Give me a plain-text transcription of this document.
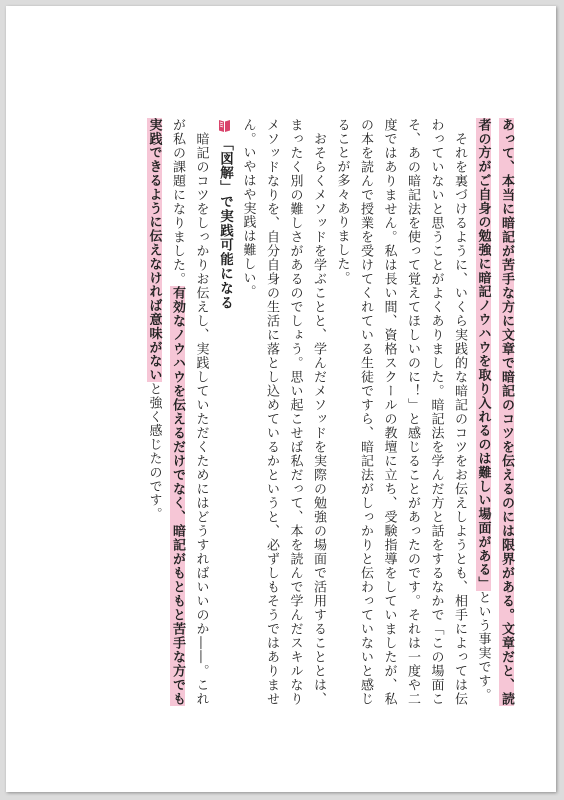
あって、本当に暗記が苦手な方に文章で暗記のコツを伝えるのには限界がある。文章だと、読者の方がご自身の勉強に暗記ノウハウを取り入れるのは難しい場面がある」という事実です。

　それを裏づけるように、いくら実践的な暗記のコツをお伝えしようとも、相手によっては伝わっていないと思うことがよくありました。暗記法を学んだ方と話をするなかで「この場面こそ、あの暗記法を使って覚えてほしいのに！」と感じることがあったのです。それは一度や二度ではありません。私は長い間、資格スクールの教壇に立ち、受験指導をしていましたが、私の本を読んで授業を受けてくれている生徒ですら、暗記法がしっかりと伝わっていないと感じることが多々ありました。

　おそらくメソッドを学ぶことと、学んだメソッドを実際の勉強の場面で活用することとは、まったく別の難しさがあるのでしょう。思い起こせば私だって、本を読んで学んだスキルなりメソッドなりを、自分自身の生活に落とし込めているかというと、必ずしもそうではありません。いやはや実践は難しい。

「図解」で実践可能になる

　暗記のコツをしっかりお伝えし、実践していただくためにはどうすればいいのか――。これが私の課題になりました。有効なノウハウを伝えるだけでなく、暗記がもともと苦手な方でも実践できるように伝えなければ意味がないと強く感じたのです。
